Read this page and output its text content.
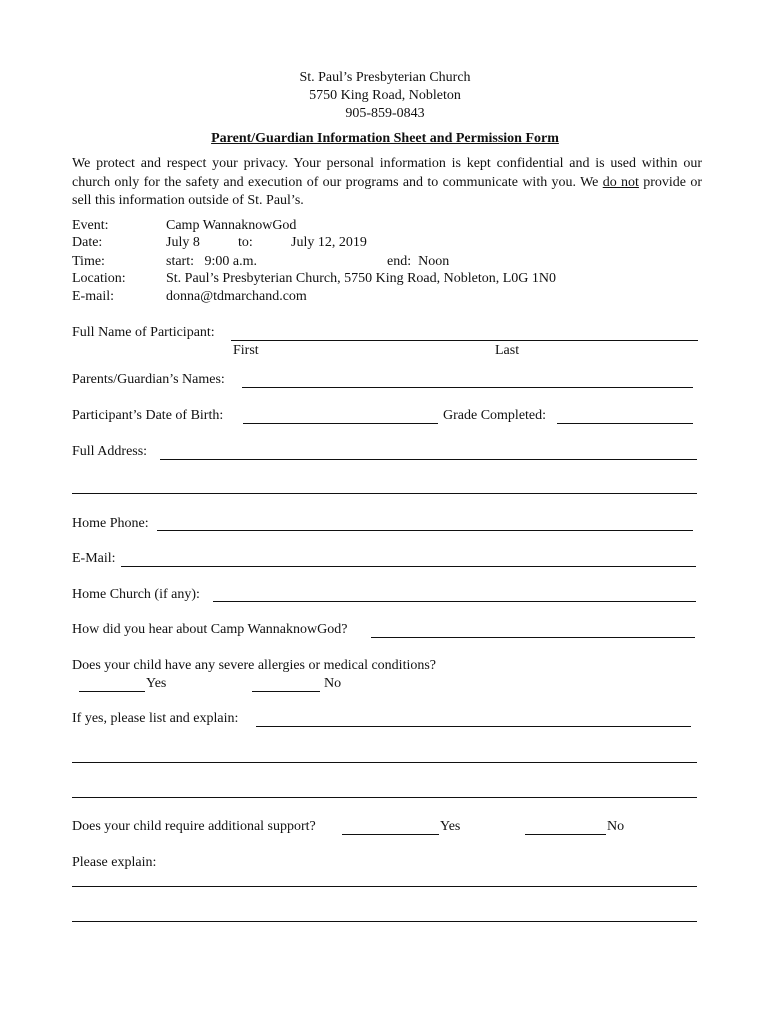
St. Paul’s Presbyterian Church
5750 King Road, Nobleton
905-859-0843
Parent/Guardian Information Sheet and Permission Form
We protect and respect your privacy. Your personal information is kept confidential and is used within our church only for the safety and execution of our programs and to communicate with you. We do not provide or sell this information outside of St. Paul’s.
Event:	Camp WannaknowGod
Date:	July 8	to:	July 12, 2019
Time:	start:   9:00 a.m.	end:  Noon
Location:	St. Paul’s Presbyterian Church, 5750 King Road, Nobleton, L0G 1N0
E-mail:	donna@tdmarchand.com
Full Name of Participant:
First	Last
Parents/Guardian’s Names:
Participant’s Date of Birth:	Grade Completed:
Full Address:
Home Phone:
E-Mail:
Home Church (if any):
How did you hear about Camp WannaknowGod?
Does your child have any severe allergies or medical conditions?
Yes	No
If yes, please list and explain:
Does your child require additional support?	Yes	No
Please explain:
